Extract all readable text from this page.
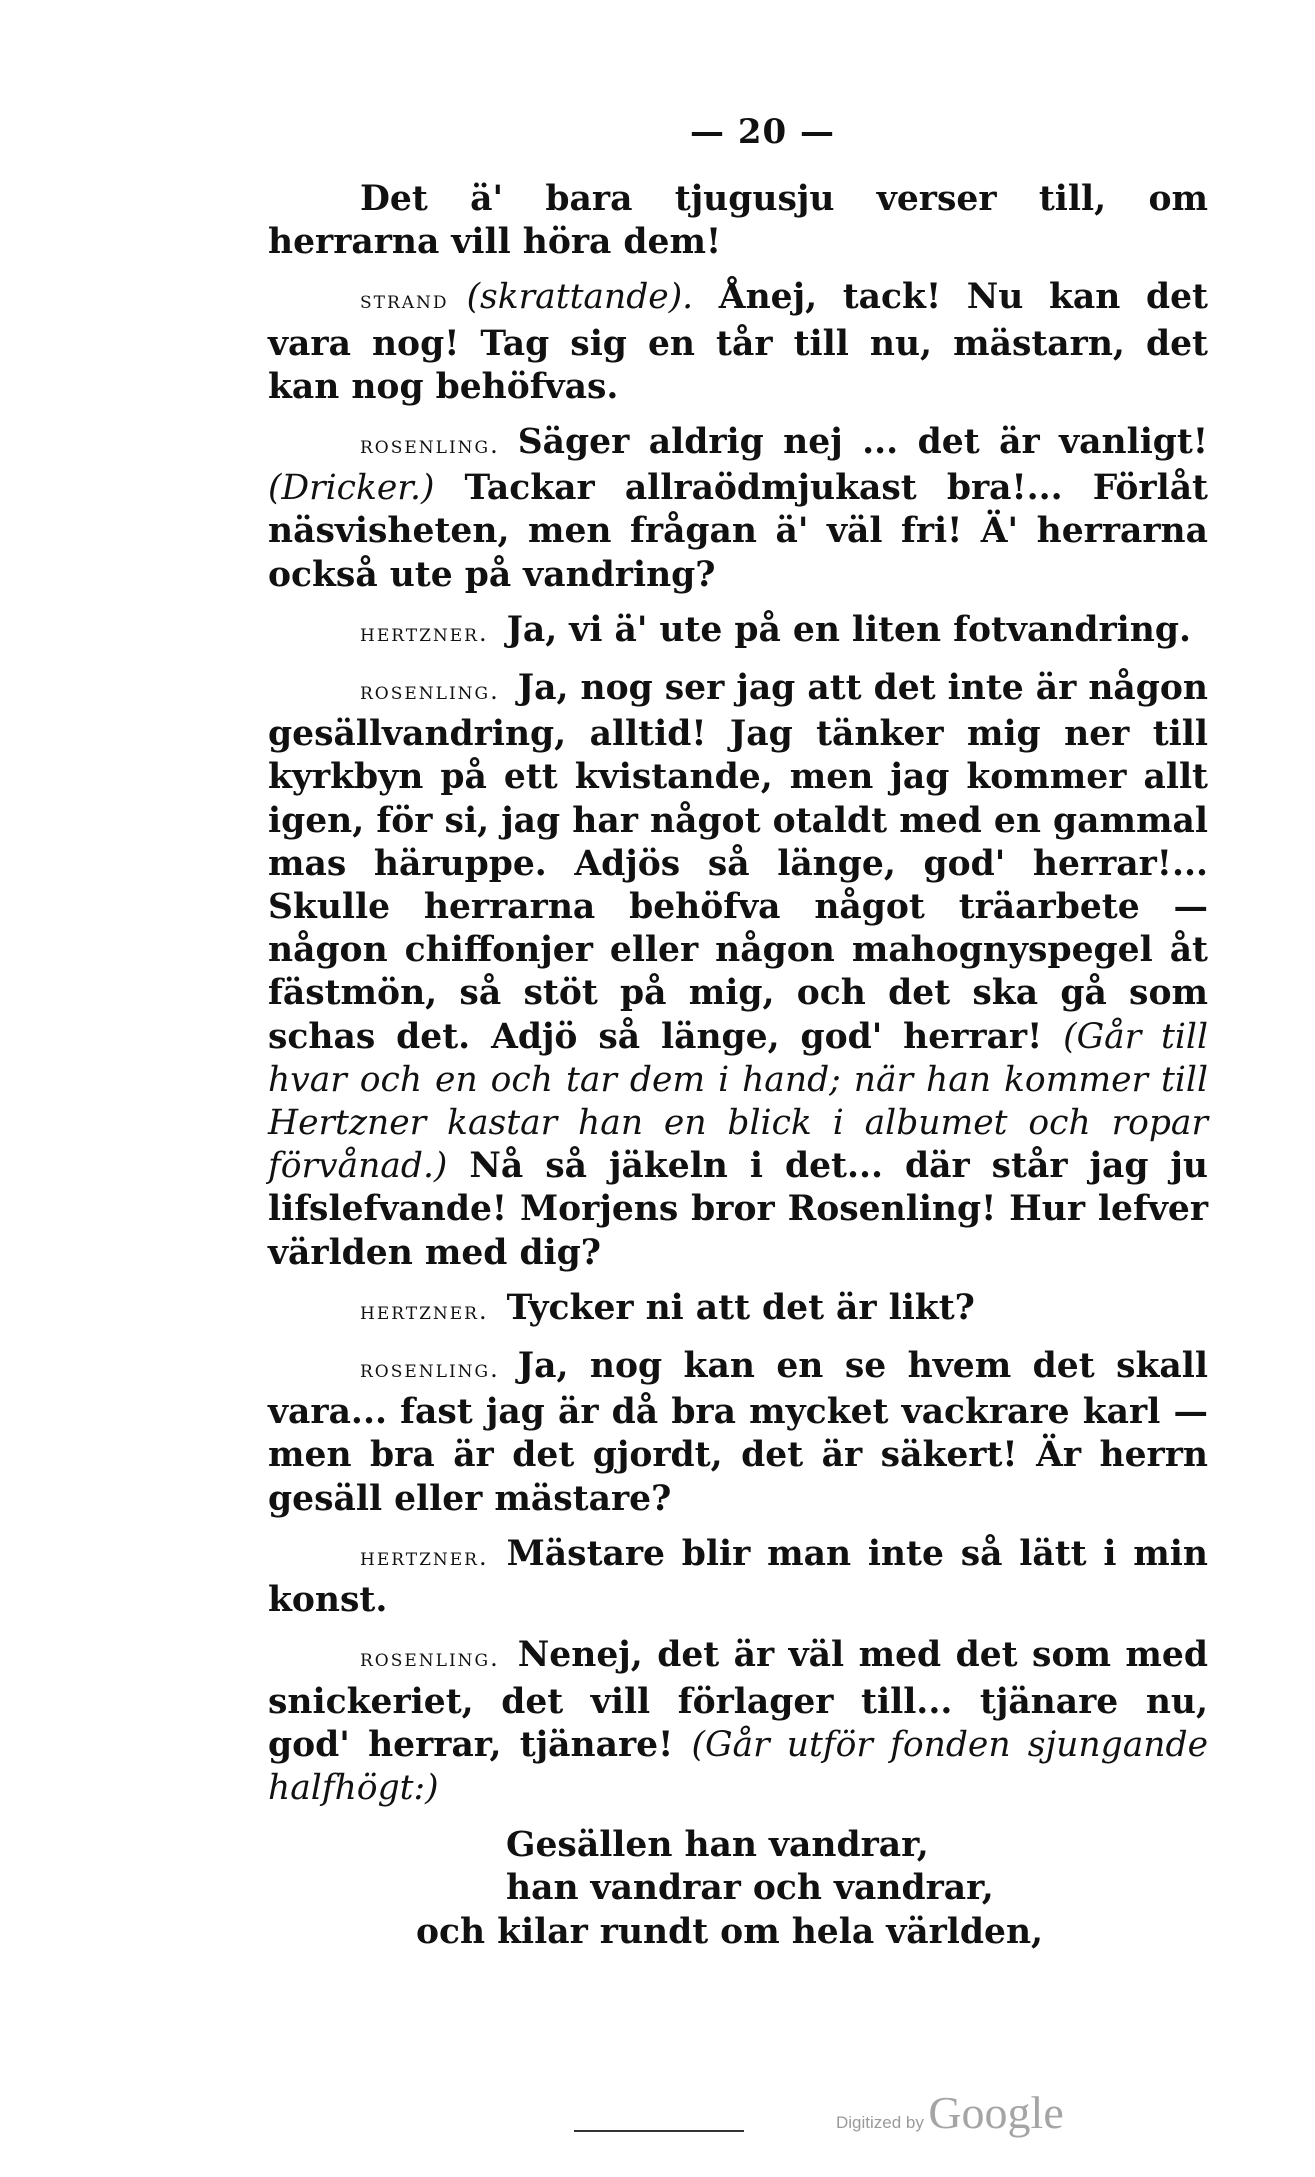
— 20 —

Det ä' bara tjugusju verser till, om herrarna vill höra dem!

strand (skrattande). Ånej, tack! Nu kan det vara nog! Tag sig en tår till nu, mästarn, det kan nog behöfvas.

rosenling. Säger aldrig nej ... det är vanligt! (Dricker.) Tackar allraödmjukast bra!... Förlåt näsvisheten, men frågan ä' väl fri! Ä' herrarna också ute på vandring?

hertzner. Ja, vi ä' ute på en liten fotvandring.

rosenling. Ja, nog ser jag att det inte är någon gesällvandring, alltid! Jag tänker mig ner till kyrkbyn på ett kvistande, men jag kommer allt igen, för si, jag har något otaldt med en gammal mas häruppe. Adjös så länge, god' herrar!... Skulle herrarna behöfva något träarbete — någon chiffonjer eller någon mahognyspegel åt fästmön, så stöt på mig, och det ska gå som schas det. Adjö så länge, god' herrar! (Går till hvar och en och tar dem i hand; när han kommer till Hertzner kastar han en blick i albumet och ropar förvånad.) Nå så jäkeln i det... där står jag ju lifslefvande! Morjens bror Rosenling! Hur lefver världen med dig?

hertzner. Tycker ni att det är likt?

rosenling. Ja, nog kan en se hvem det skall vara... fast jag är då bra mycket vackrare karl — men bra är det gjordt, det är säkert! Är herrn gesäll eller mästare?

hertzner. Mästare blir man inte så lätt i min konst.

rosenling. Nenej, det är väl med det som med snickeriet, det vill förlager till... tjänare nu, god' herrar, tjänare! (Går utför fonden sjungande halfhögt:)

Gesällen han vandrar,
han vandrar och vandrar,
och kilar rundt om hela världen,
Digitized by Google
